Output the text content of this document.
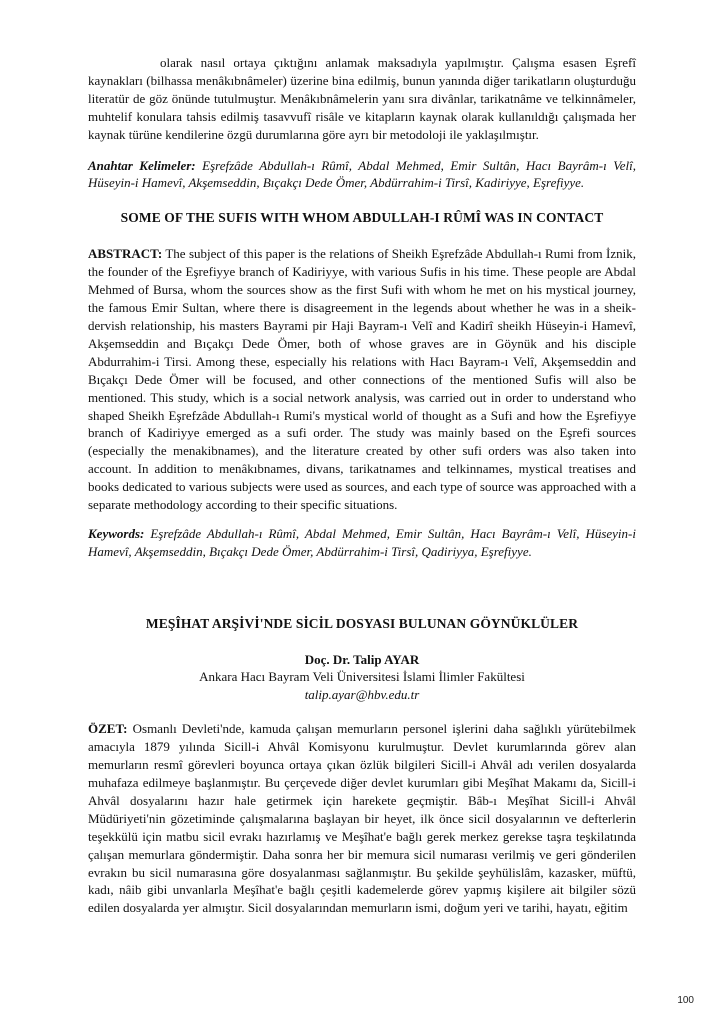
olarak nasıl ortaya çıktığını anlamak maksadıyla yapılmıştır. Çalışma esasen Eşrefî kaynakları (bilhassa menâkıbnâmeler) üzerine bina edilmiş, bunun yanında diğer tarikatların oluşturduğu literatür de göz önünde tutulmuştur. Menâkıbnâmelerin yanı sıra divânlar, tarikatnâme ve telkinnâmeler, muhtelif konulara tahsis edilmiş tasavvufî risâle ve kitapların kaynak olarak kullanıldığı çalışmada her kaynak türüne kendilerine özgü durumlarına göre ayrı bir metodoloji ile yaklaşılmıştır.

Anahtar Kelimeler: Eşrefzâde Abdullah-ı Rûmî, Abdal Mehmed, Emir Sultân, Hacı Bayrâm-ı Velî, Hüseyin-i Hamevî, Akşemseddin, Bıçakçı Dede Ömer, Abdürrahim-i Tirsî, Kadiriyye, Eşrefiyye.

SOME OF THE SUFIS WITH WHOM ABDULLAH-I RÛMÎ WAS IN CONTACT

ABSTRACT: The subject of this paper is the relations of Sheikh Eşrefzâde Abdullah-ı Rumi from İznik, the founder of the Eşrefiyye branch of Kadiriyye, with various Sufis in his time. These people are Abdal Mehmed of Bursa, whom the sources show as the first Sufi with whom he met on his mystical journey, the famous Emir Sultan, where there is disagreement in the legends about whether he was in a sheik-dervish relationship, his masters Bayrami pir Haji Bayram-ı Velî and Kadirî sheikh Hüseyin-i Hamevî, Akşemseddin and Bıçakçı Dede Ömer, both of whose graves are in Göynük and his disciple Abdurrahim-i Tirsi. Among these, especially his relations with Hacı Bayram-ı Velî, Akşemseddin and Bıçakçı Dede Ömer will be focused, and other connections of the mentioned Sufis will also be mentioned. This study, which is a social network analysis, was carried out in order to understand who shaped Sheikh Eşrefzâde Abdullah-ı Rumi's mystical world of thought as a Sufi and how the Eşrefiyye branch of Kadiriyye emerged as a sufi order. The study was mainly based on the Eşrefi sources (especially the menakibnames), and the literature created by other sufi orders was also taken into account. In addition to menâkıbnames, divans, tarikatnames and telkinnames, mystical treatises and books dedicated to various subjects were used as sources, and each type of source was approached with a separate methodology according to their specific situations.

Keywords: Eşrefzâde Abdullah-ı Rûmî, Abdal Mehmed, Emir Sultân, Hacı Bayrâm-ı Velî, Hüseyin-i Hamevî, Akşemseddin, Bıçakçı Dede Ömer, Abdürrahim-i Tirsî, Qadiriyya, Eşrefiyye.

MEŞÎHAT ARŞİVİ'NDE SİCİL DOSYASI BULUNAN GÖYNÜKLÜLER
Doç. Dr. Talip AYAR
Ankara Hacı Bayram Veli Üniversitesi İslami İlimler Fakültesi
talip.ayar@hbv.edu.tr

ÖZET: Osmanlı Devleti'nde, kamuda çalışan memurların personel işlerini daha sağlıklı yürütebilmek amacıyla 1879 yılında Sicill-i Ahvâl Komisyonu kurulmuştur. Devlet kurumlarında görev alan memurların resmî görevleri boyunca ortaya çıkan özlük bilgileri Sicill-i Ahvâl adı verilen dosyalarda muhafaza edilmeye başlanmıştır. Bu çerçevede diğer devlet kurumları gibi Meşîhat Makamı da, Sicill-i Ahvâl dosyalarını hazır hale getirmek için harekete geçmiştir. Bâb-ı Meşîhat Sicill-i Ahvâl Müdüriyeti'nin gözetiminde çalışmalarına başlayan bir heyet, ilk önce sicil dosyalarının ve defterlerin teşekkülü için matbu sicil evrakı hazırlamış ve Meşîhat'e bağlı gerek merkez gerekse taşra teşkilatında çalışan memurlara göndermiştir. Daha sonra her bir memura sicil numarası verilmiş ve geri gönderilen evrakın bu sicil numarasına göre dosyalanması sağlanmıştır. Bu şekilde şeyhülislâm, kazasker, müftü, kadı, nâib gibi unvanlarla Meşîhat'e bağlı çeşitli kademelerde görev yapmış kişilere ait bilgiler sözü edilen dosyalarda yer almıştır. Sicil dosyalarından memurların ismi, doğum yeri ve tarihi, hayatı, eğitim

100
